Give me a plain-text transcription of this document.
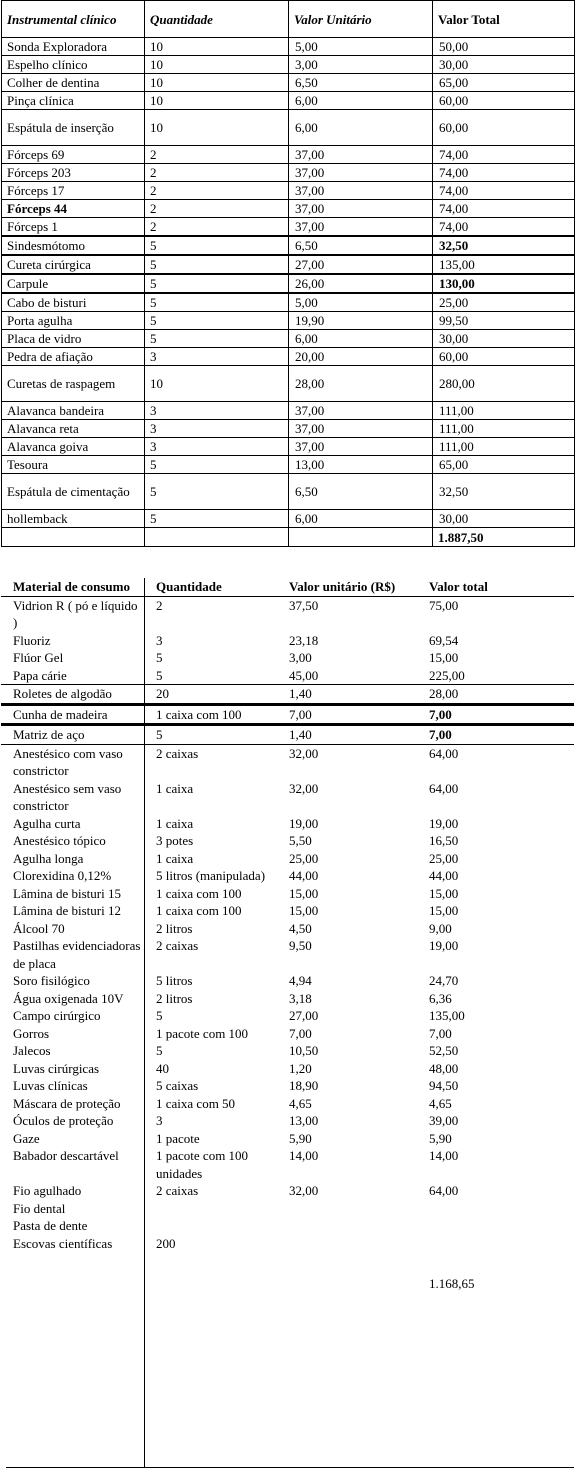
Instrumental clínico	Quantidade	Valor Unitário	Valor Total
Sonda Exploradora	10	5,00	50,00
Espelho clínico	10	3,00	30,00
Colher de dentina	10	6,50	65,00
Pinça clínica	10	6,00	60,00
Espátula de inserção	10	6,00	60,00
Fórceps 69	2	37,00	74,00
Fórceps 203	2	37,00	74,00
Fórceps 17	2	37,00	74,00
Fórceps 44	2	37,00	74,00
Fórceps 1	2	37,00	74,00
Sindesmótomo	5	6,50	32,50
Cureta cirúrgica	5	27,00	135,00
Carpule	5	26,00	130,00
Cabo de bisturi	5	5,00	25,00
Porta agulha	5	19,90	99,50
Placa de vidro	5	6,00	30,00
Pedra de afiação	3	20,00	60,00
Curetas de raspagem	10	28,00	280,00
Alavanca bandeira	3	37,00	111,00
Alavanca reta	3	37,00	111,00
Alavanca goiva	3	37,00	111,00
Tesoura	5	13,00	65,00
Espátula de cimentação	5	6,50	32,50
hollemback	5	6,00	30,00
			1.887,50
Material de consumo	Quantidade	Valor unitário (R$)	Valor total
Vidrion R ( pó e líquido )	2	37,50	75,00
Fluoriz	3	23,18	69,54
Flúor Gel	5	3,00	15,00
Papa cárie	5	45,00	225,00
Roletes de algodão	20	1,40	28,00
Cunha de madeira	1 caixa com 100	7,00	7,00
Matriz de aço	5	1,40	7,00
Anestésico com vaso constrictor	2 caixas	32,00	64,00
Anestésico sem vaso constrictor	1 caixa	32,00	64,00
Agulha curta	1 caixa	19,00	19,00
Anestésico tópico	3 potes	5,50	16,50
Agulha longa	1 caixa	25,00	25,00
Clorexidina 0,12%	5 litros (manipulada)	44,00	44,00
Lâmina de bisturi 15	1 caixa com 100	15,00	15,00
Lâmina de bisturi 12	1 caixa com 100	15,00	15,00
Álcool 70	2 litros	4,50	9,00
Pastilhas evidenciadoras de placa	2 caixas	9,50	19,00
Soro fisilógico	5 litros	4,94	24,70
Água oxigenada 10V	2 litros	3,18	6,36
Campo cirúrgico	5	27,00	135,00
Gorros	1 pacote com 100	7,00	7,00
Jalecos	5	10,50	52,50
Luvas cirúrgicas	40	1,20	48,00
Luvas clínicas	5 caixas	18,90	94,50
Máscara de proteção	1 caixa com 50	4,65	4,65
Óculos de proteção	3	13,00	39,00
Gaze	1 pacote	5,90	5,90
Babador descartável	1 pacote com 100 unidades	14,00	14,00
Fio agulhado	2 caixas	32,00	64,00
Fio dental			
Pasta de dente			
Escovas científicas	200		
			1.168,65
